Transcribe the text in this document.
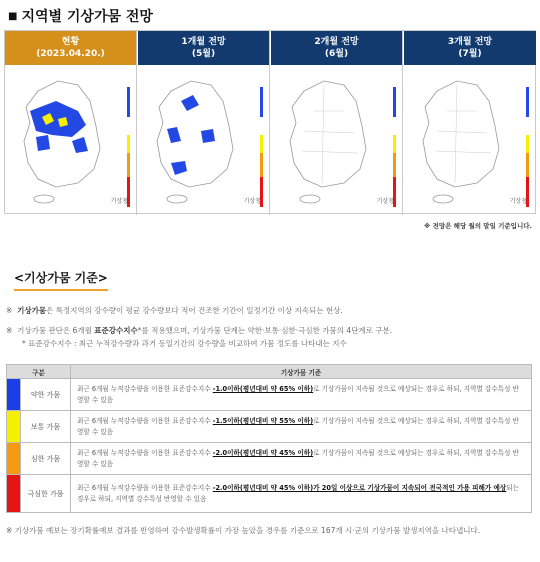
■ 지역별 기상가뭄 전망
현황
(2023.04.20.)
기상청
1개월 전망
(5월)
기상청
2개월 전망
(6월)
기상청
3개월 전망
(7월)
기상청
※ 전망은 해당 월의 말일 기준입니다.
<기상가뭄 기준>
※ 기상가뭄은 특정지역의 강수량이 평균 강수량보다 적어 건조한 기간이 일정기간 이상 지속되는 현상.
※ 기상가뭄 판단은 6개월 표준강수지수*를 적용했으며, 기상가뭄 단계는 약한·보통·심한·극심한 가뭄의 4단계로 구분.
* 표준강수지수 : 최근 누적강수량과 과거 동일기간의 강수량을 비교하여 가뭄 정도를 나타내는 지수
구분		기상가뭄 기준
	약한 가뭄	최근 6개월 누적강수량을 이용한 표준강수지수 -1.0이하(평년대비 약 65% 이하)로 기상가뭄이 지속될 것으로 예상되는 경우로 하되, 지역별 강수특성 반영할 수 있음
	보통 가뭄	최근 6개월 누적강수량을 이용한 표준강수지수 -1.5이하(평년대비 약 55% 이하)로 기상가뭄이 지속될 것으로 예상되는 경우로 하되, 지역별 강수특성 반영할 수 있음
	심한 가뭄	최근 6개월 누적강수량을 이용한 표준강수지수 -2.0이하(평년대비 약 45% 이하)로 기상가뭄이 지속될 것으로 예상되는 경우로 하되, 지역별 강수특성 반영할 수 있음
	극심한 가뭄	최근 6개월 누적강수량을 이용한 표준강수지수 -2.0이하(평년대비 약 45% 이하)가 20일 이상으로 기상가뭄이 지속되어 전국적인 가용 피해가 예상되는 경우로 하되, 지역별 강수특성 반영할 수 있음
※ 기상가뭄 예보는 장기확률예보 결과를 반영하여 강수발생확률이 가장 높았을 경우를 기준으로 167개 시·군의 기상가뭄 발생지역을 나타냅니다.
